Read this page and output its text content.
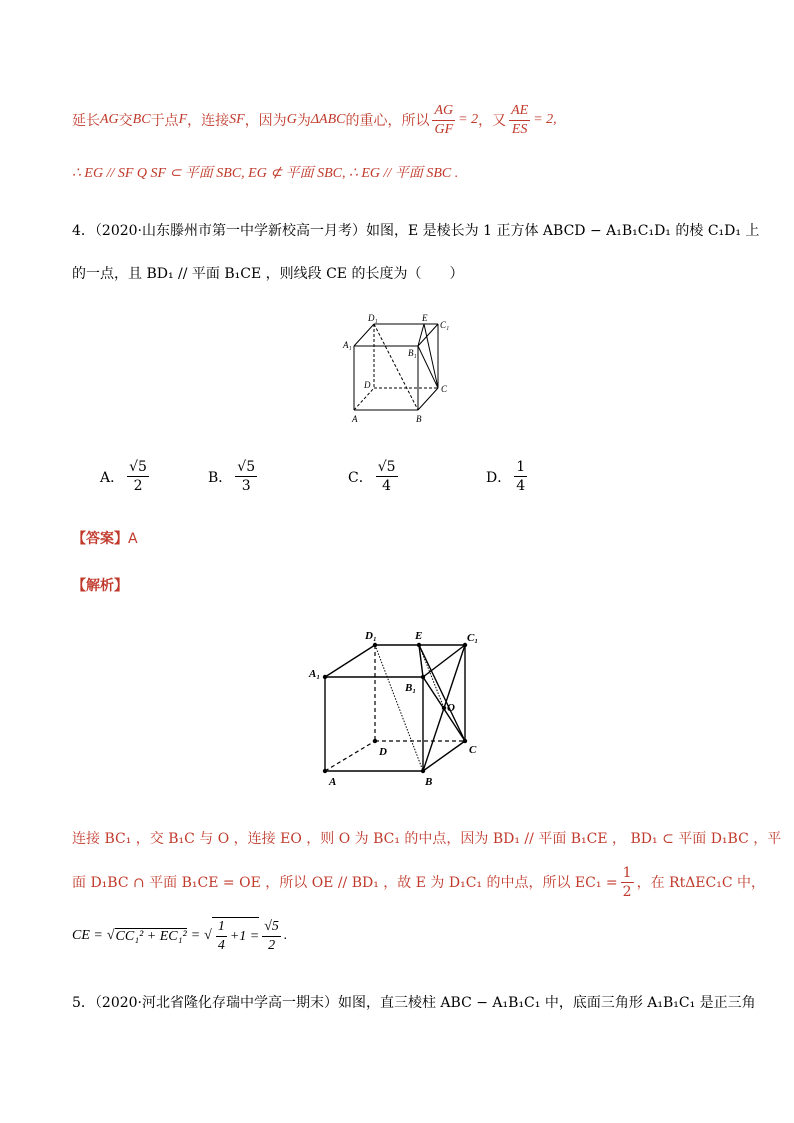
延长 AG 交 BC 于点 F ，连接 SF ，因为 G 为 ΔABC 的重心，所以 $\frac{AG}{GF} = 2$ ，又 $\frac{AE}{ES} = 2$,
∴ EG // SF Q SF ⊂ 平面 SBC, EG ⊄ 平面 SBC, ∴ EG // 平面 SBC .
4．（2020·山东滕州市第一中学新校高一月考）如图，E 是棱长为 1 正方体 ABCD − A₁B₁C₁D₁ 的棱 C₁D₁ 上
的一点，且 BD₁ // 平面 B₁CE ，则线段 CE 的长度为（　　）
D₁	E
C₁
A₁
B₁
D	C
A	B
A． $\frac{√5}{2}$	B． $\frac{√5}{3}$	C． $\frac{√5}{4}$	D． $\frac{1}{4}$
【答案】A
【解析】
D₁	E	C₁
A₁
B₁
O
D	C
A	B
连接 BC₁ ，交 B₁C 与 O ，连接 EO ，则 O 为 BC₁ 的中点，因为 BD₁ // 平面 B₁CE ， BD₁ ⊂ 平面 D₁BC ，平
面 D₁BC ∩ 平面 B₁CE = OE ，所以 OE // BD₁ ，故 E 为 D₁C₁ 的中点，所以 $EC_1 = \frac{1}{2}$ ，在 RtΔEC₁C 中，
CE = √ CC₁² + EC₁² = √ $\frac{1}{4} +1 = \frac{√5}{2}$ .
5．（2020·河北省隆化存瑞中学高一期末）如图，直三棱柱 ABC − A₁B₁C₁ 中，底面三角形 A₁B₁C₁ 是正三角
